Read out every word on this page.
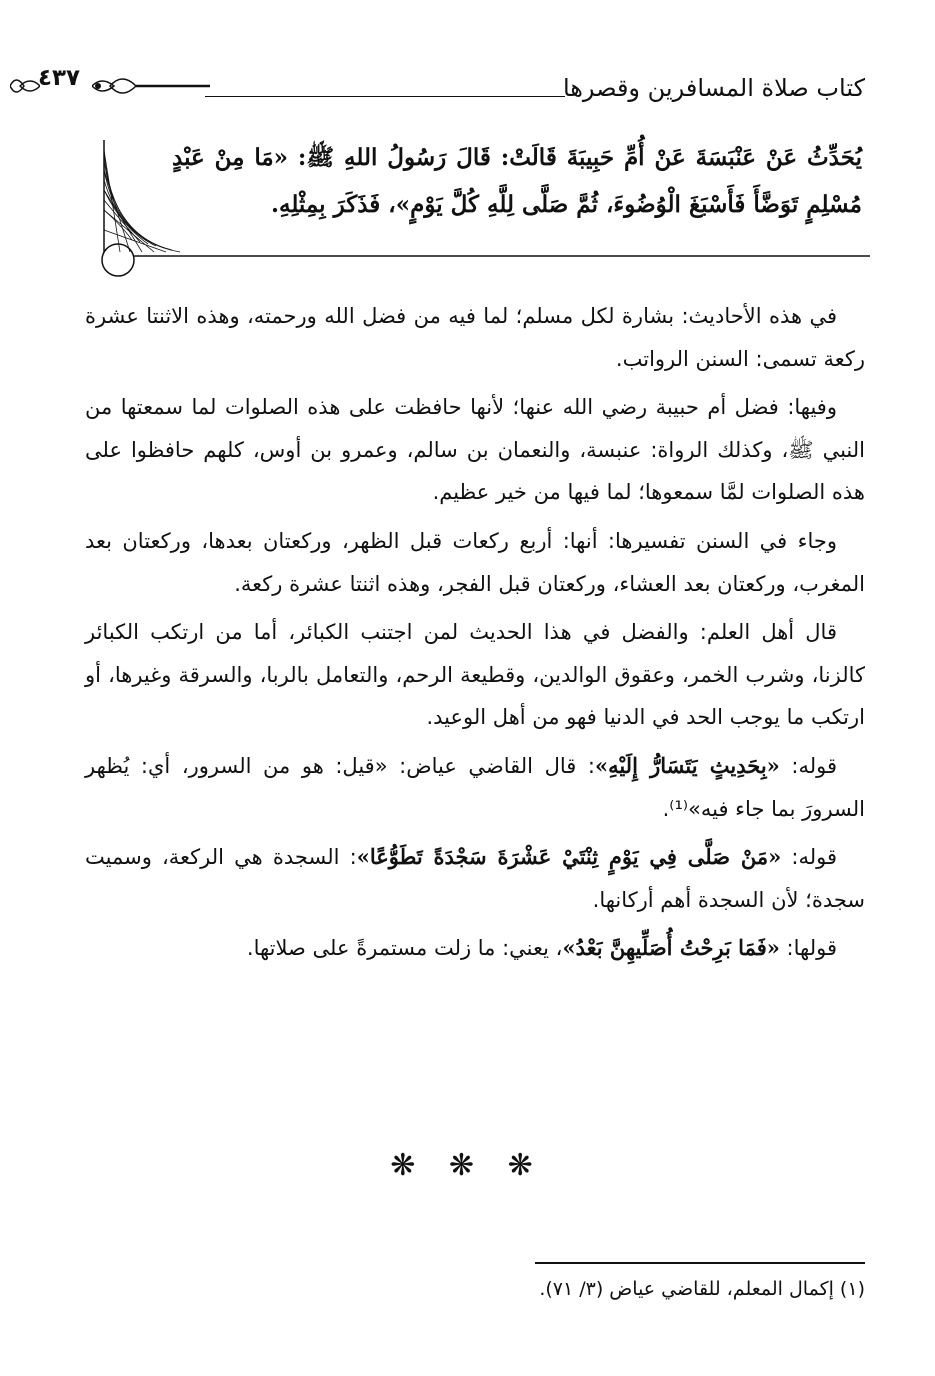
كتاب صلاة المسافرين وقصرها
٤٣٧
يُحَدِّثُ عَنْ عَنْبَسَةَ عَنْ أُمِّ حَبِيبَةَ قَالَتْ: قَالَ رَسُولُ اللهِ ﷺ: «مَا مِنْ عَبْدٍ مُسْلِمٍ تَوَضَّأَ فَأَسْبَغَ الْوُضُوءَ، ثُمَّ صَلَّى لِلَّهِ كُلَّ يَوْمٍ»، فَذَكَرَ بِمِثْلِهِ.

في هذه الأحاديث: بشارة لكل مسلم؛ لما فيه من فضل الله ورحمته، وهذه الاثنتا عشرة ركعة تسمى: السنن الرواتب.

وفيها: فضل أم حبيبة رضي الله عنها؛ لأنها حافظت على هذه الصلوات لما سمعتها من النبي ﷺ، وكذلك الرواة: عنبسة، والنعمان بن سالم، وعمرو بن أوس، كلهم حافظوا على هذه الصلوات لمَّا سمعوها؛ لما فيها من خير عظيم.

وجاء في السنن تفسيرها: أنها: أربع ركعات قبل الظهر، وركعتان بعدها، وركعتان بعد المغرب، وركعتان بعد العشاء، وركعتان قبل الفجر، وهذه اثنتا عشرة ركعة.

قال أهل العلم: والفضل في هذا الحديث لمن اجتنب الكبائر، أما من ارتكب الكبائر كالزنا، وشرب الخمر، وعقوق الوالدين، وقطيعة الرحم، والتعامل بالربا، والسرقة وغيرها، أو ارتكب ما يوجب الحد في الدنيا فهو من أهل الوعيد.

قوله: «بِحَدِيثٍ يَتَسَارُّ إِلَيْهِ»: قال القاضي عياض: «قيل: هو من السرور، أي: يُظهر السرورَ بما جاء فيه»⁽¹⁾.

قوله: «مَنْ صَلَّى فِي يَوْمٍ ثِنْتَيْ عَشْرَةَ سَجْدَةً تَطَوُّعًا»: السجدة هي الركعة، وسميت سجدة؛ لأن السجدة أهم أركانها.

قولها: «فَمَا بَرِحْتُ أُصَلِّيهِنَّ بَعْدُ»، يعني: ما زلت مستمرةً على صلاتها.

❋ ❋ ❋
(١) إكمال المعلم، للقاضي عياض (٣/ ٧١).
